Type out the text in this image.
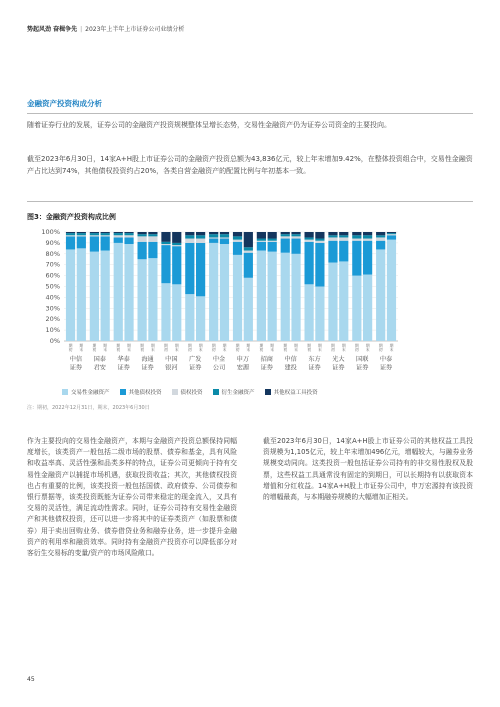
势起风劲 奋楫争先 | 2023年上半年上市证券公司业绩分析
金融资产投资构成分析
随着证券行业的发展，证券公司的金融资产投资规模整体呈增长态势，交易性金融资产仍为证券公司资金的主要投向。
截至2023年6月30日，14家A+H股上市证券公司的金融资产投资总额为43,836亿元，较上年末增加9.42%，在整体投资组合中，交易性金融资产占比达到74%，其他债权投资约占20%，各类自营金融资产的配置比例与年初基本一致。
图3：金融资产投资构成比例
0%
10%
20%
30%
40%
50%
60%
70%
80%
90%
100%
期
初
期
末
中信
证券
期
初
期
末
国泰
君安
期
初
期
末
华泰
证券
期
初
期
末
海通
证券
期
初
期
末
中国
银河
期
初
期
末
广发
证券
期
初
期
末
中金
公司
期
初
期
末
申万
宏源
期
初
期
末
招商
证券
期
初
期
末
中信
建投
期
初
期
末
东方
证券
期
初
期
末
光大
证券
期
初
期
末
国联
证券
期
初
期
末
中泰
证券
交易性金融资产	其他债权投资	债权投资	衍生金融资产	其他权益工具投资
注：期初，2022年12月31日，期末，2023年6月30日
作为主要投向的交易性金融资产，本期与金融资产投资总额保持同幅度增长，该类资产一般包括二级市场的股票、债券和基金，具有风险和收益率高、灵活性强和品类多样的特点，证券公司更倾向于持有交易性金融资产以捕捉市场机遇，获取投资收益；其次，其他债权投资也占有重要的比例，该类投资一般包括国债、政府债券、公司债券和银行票据等，该类投资既能为证券公司带来稳定的现金流入，又具有交易的灵活性，满足流动性需求。同时，证券公司持有交易性金融资产和其他债权投资，还可以进一步将其中的证券类资产（如股票和债券）用于卖出回购业务、债券借贷业务和融券业务，进一步提升金融资产的利用率和融资效率。同时持有金融资产投资亦可以降低部分对客衍生交易标的变量/资产的市场风险敞口。
截至2023年6月30日，14家A+H股上市证券公司的其他权益工具投资规模为1,105亿元，较上年末增加496亿元，增幅较大，与融券业务规模变动同向。这类投资一般包括证券公司持有的非交易性股权及股票，这些权益工具通常没有固定的到期日，可以长期持有以获取资本增值和分红收益。14家A+H股上市证券公司中，申万宏源持有该投资的增幅最高，与本期融券规模的大幅增加正相关。
45
